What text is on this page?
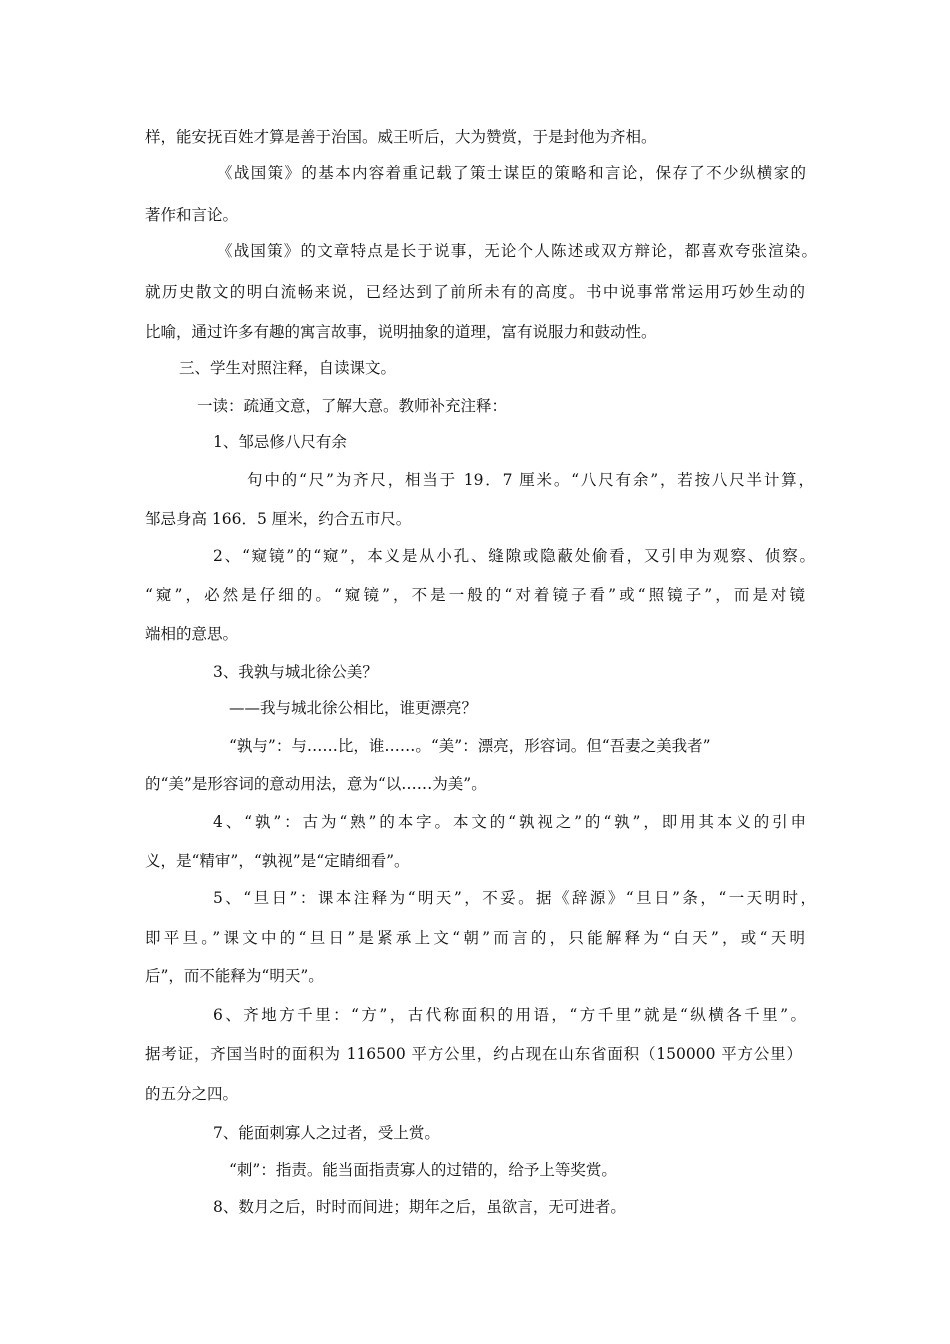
样，能安抚百姓才算是善于治国。威王听后，大为赞赏，于是封他为齐相。
《战国策》的基本内容着重记载了策士谋臣的策略和言论，保存了不少纵横家的
著作和言论。
《战国策》的文章特点是长于说事，无论个人陈述或双方辩论，都喜欢夸张渲染。
就历史散文的明白流畅来说，已经达到了前所未有的高度。书中说事常常运用巧妙生动的
比喻，通过许多有趣的寓言故事，说明抽象的道理，富有说服力和鼓动性。
三、学生对照注释，自读课文。
一读：疏通文意，了解大意。教师补充注释：
1、邹忌修八尺有余
句中的“尺”为齐尺，相当于 19．7 厘米。“八尺有余”，若按八尺半计算，
邹忌身高 166．5 厘米，约合五市尺。
2、“窥镜”的“窥”，本义是从小孔、缝隙或隐蔽处偷看，又引申为观察、侦察。
“窥”，必然是仔细的。“窥镜”，不是一般的“对着镜子看”或“照镜子”，而是对镜
端相的意思。
3、我孰与城北徐公美？
——我与城北徐公相比，谁更漂亮？
“孰与”：与……比，谁……。“美”：漂亮，形容词。但“吾妻之美我者”
的“美”是形容词的意动用法，意为“以……为美”。
4、“孰”：古为“熟”的本字。本文的“孰视之”的“孰”，即用其本义的引申
义，是“精审”，“孰视”是“定睛细看”。
5、“旦日”：课本注释为“明天”，不妥。据《辞源》“旦日”条，“一天明时，
即平旦。”课文中的“旦日”是紧承上文“朝”而言的，只能解释为“白天”，或“天明
后”，而不能释为“明天”。
6、齐地方千里：“方”，古代称面积的用语，“方千里”就是“纵横各千里”。
据考证，齐国当时的面积为 116500 平方公里，约占现在山东省面积（150000 平方公里）
的五分之四。
7、能面刺寡人之过者，受上赏。
“刺”：指责。能当面指责寡人的过错的，给予上等奖赏。
8、数月之后，时时而间进；期年之后，虽欲言，无可进者。
